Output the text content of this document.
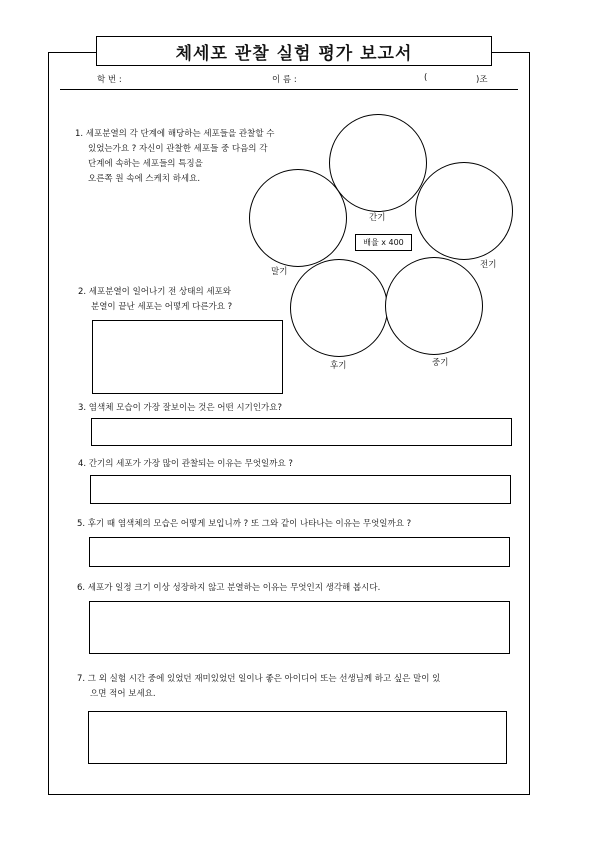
체세포 관찰 실험 평가 보고서
학 번 :	이 름 :	(	)조
1. 세포분열의 각 단계에 해당하는 세포들을 관찰할 수
있었는가요 ? 자신이 관찰한 세포들 중 다음의 각
단계에 속하는 세포들의 특징을
오른쪽 원 속에 스케치 하세요.
간기
말기
전기
후기	중기
배율 x 400
2. 세포분열이 일어나기 전 상태의 세포와
분열이 끝난 세포는 어떻게 다른가요 ?
3. 염색체 모습이 가장 잘보이는 것은 어떤 시기인가요?
4. 간기의 세포가 가장 많이 관찰되는 이유는 무엇일까요 ?
5. 후기 때 염색체의 모습은 어떻게 보입니까 ? 또 그와 같이 나타나는 이유는 무엇일까요 ?
6. 세포가 일정 크기 이상 성장하지 않고 분열하는 이유는 무엇인지 생각해 봅시다.
7. 그 외 실험 시간 중에 있었던 재미있었던 일이나 좋은 아이디어 또는 선생님께 하고 싶은 말이 있
으면 적어 보세요.
